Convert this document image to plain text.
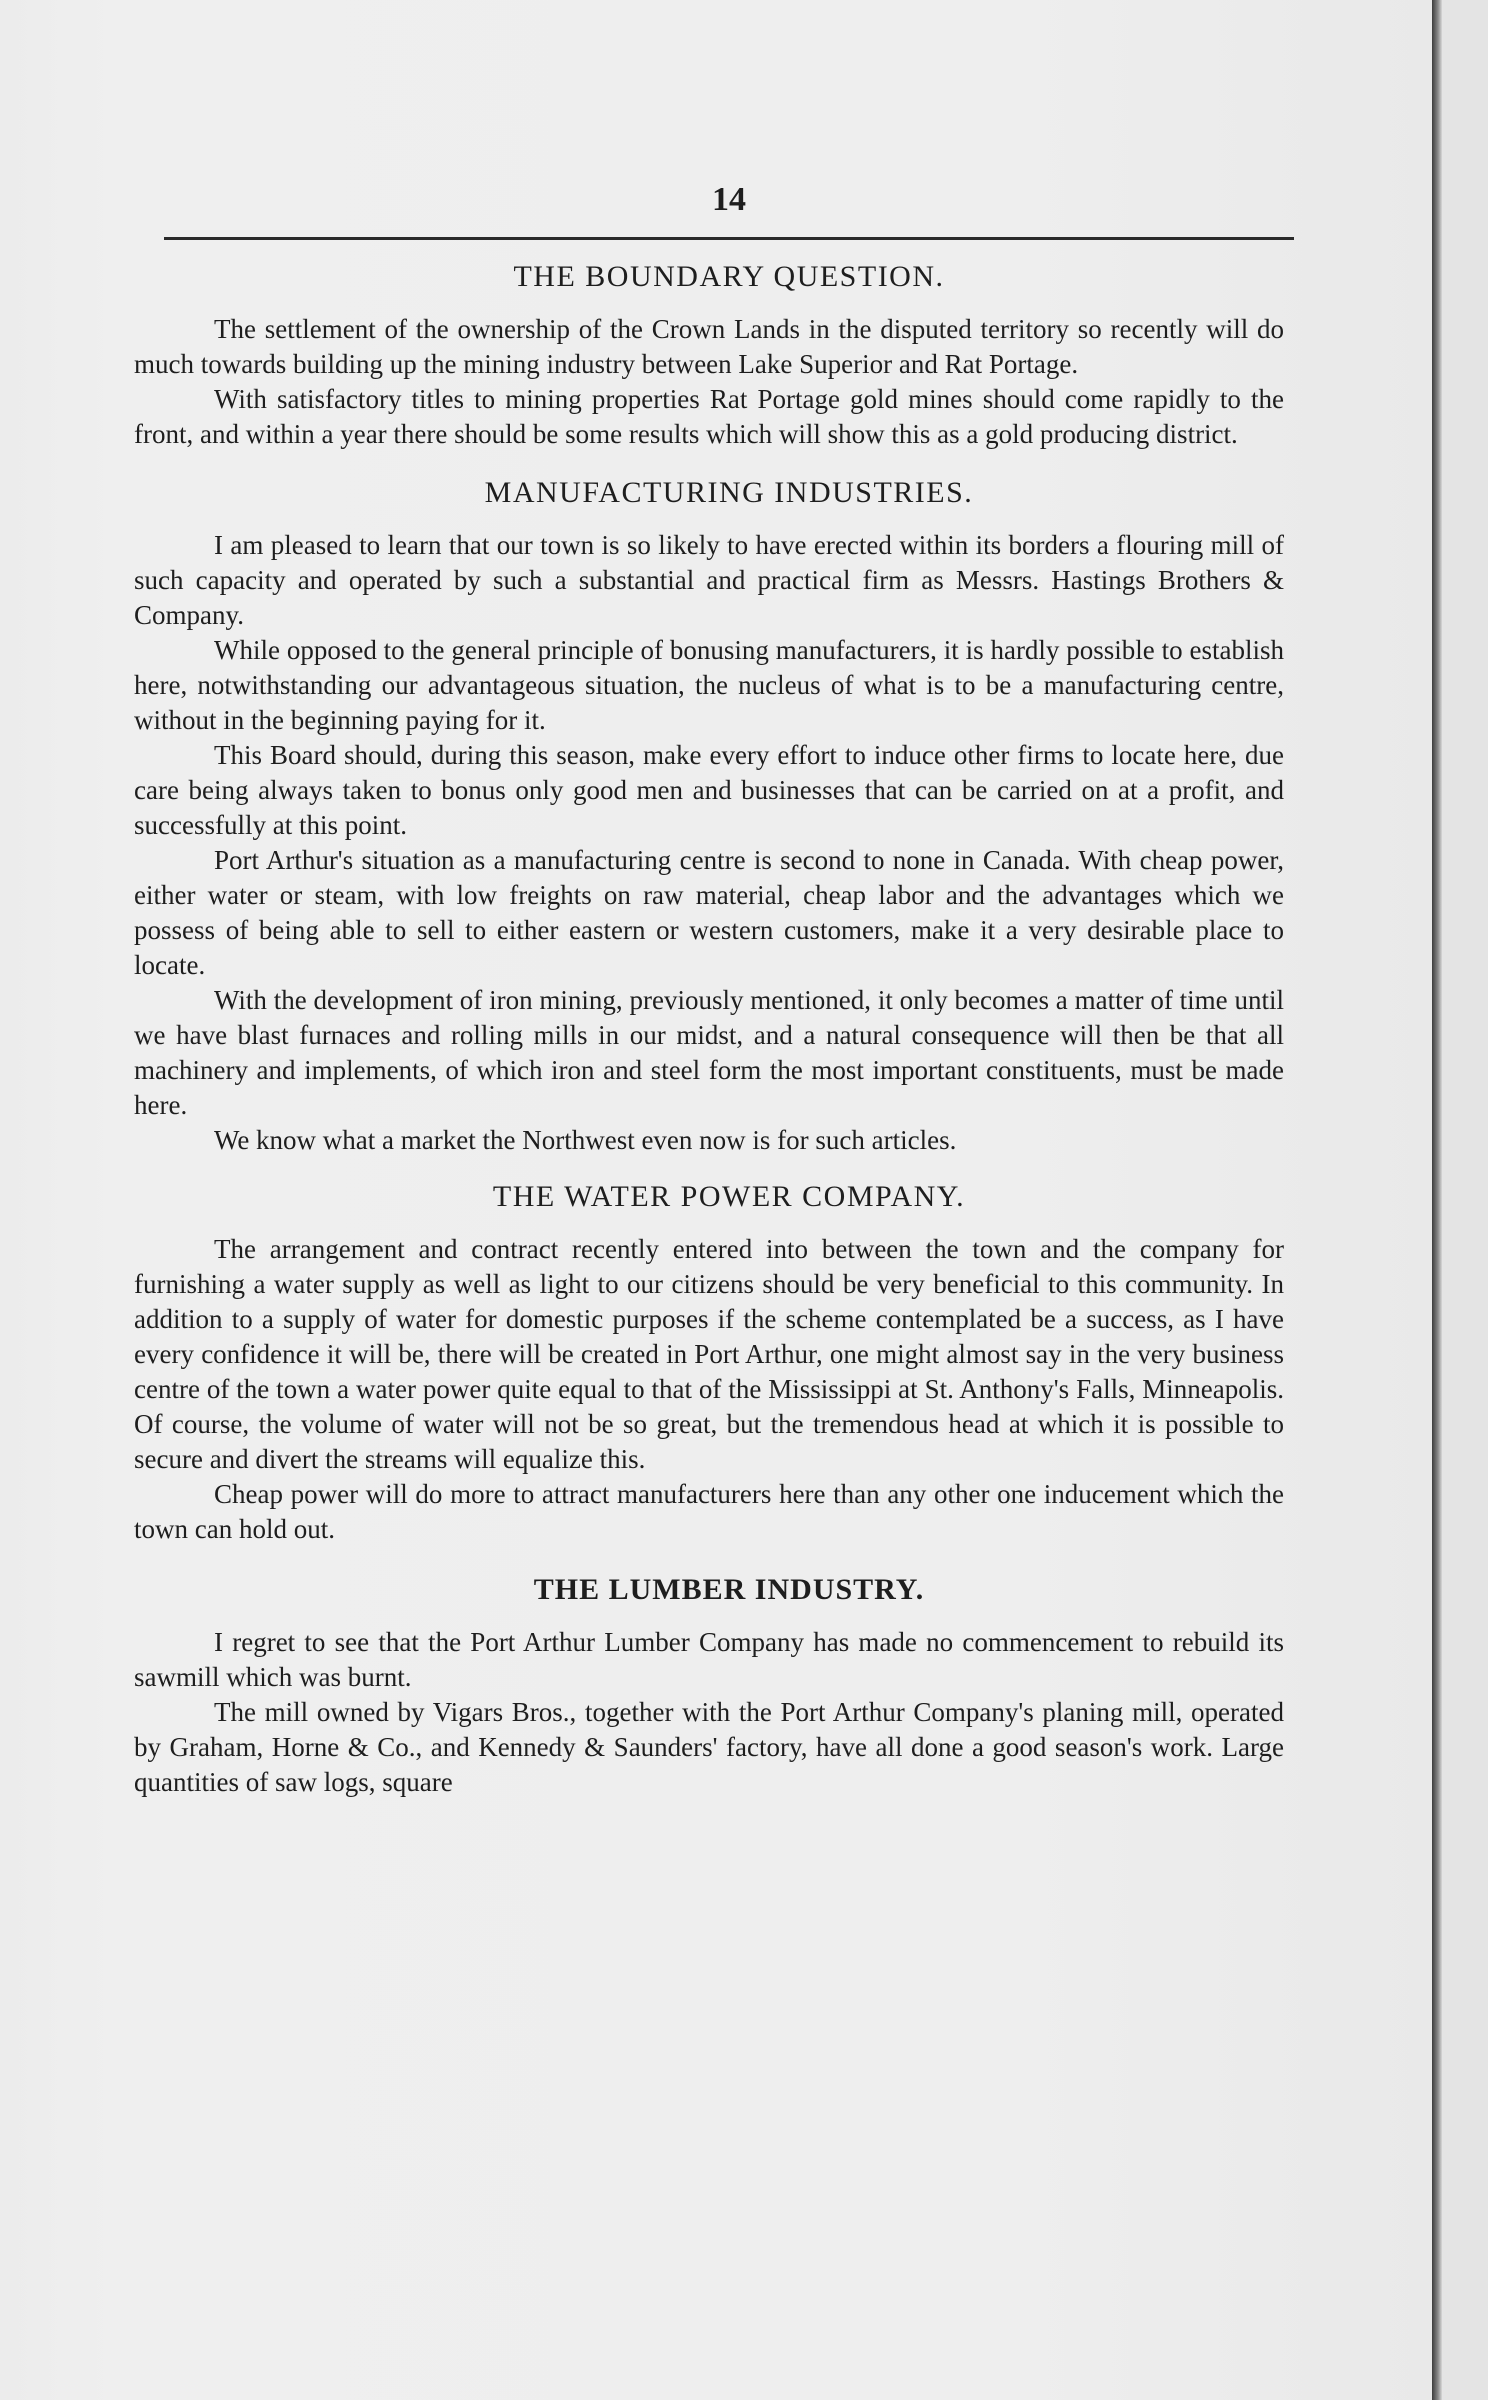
14
THE BOUNDARY QUESTION.

The settlement of the ownership of the Crown Lands in the disputed territory so recently will do much towards building up the mining industry between Lake Superior and Rat Portage.

With satisfactory titles to mining properties Rat Portage gold mines should come rapidly to the front, and within a year there should be some results which will show this as a gold producing district.

MANUFACTURING INDUSTRIES.

I am pleased to learn that our town is so likely to have erected within its borders a flouring mill of such capacity and operated by such a substantial and practical firm as Messrs. Hastings Brothers & Company.

While opposed to the general principle of bonusing manufacturers, it is hardly possible to establish here, notwithstanding our advantageous situation, the nucleus of what is to be a manufacturing centre, without in the beginning paying for it.

This Board should, during this season, make every effort to induce other firms to locate here, due care being always taken to bonus only good men and businesses that can be carried on at a profit, and successfully at this point.

Port Arthur's situation as a manufacturing centre is second to none in Canada. With cheap power, either water or steam, with low freights on raw material, cheap labor and the advantages which we possess of being able to sell to either eastern or western customers, make it a very desirable place to locate.

With the development of iron mining, previously mentioned, it only becomes a matter of time until we have blast furnaces and rolling mills in our midst, and a natural consequence will then be that all machinery and implements, of which iron and steel form the most important constituents, must be made here.

We know what a market the Northwest even now is for such articles.

THE WATER POWER COMPANY.

The arrangement and contract recently entered into between the town and the company for furnishing a water supply as well as light to our citizens should be very beneficial to this community. In addition to a supply of water for domestic purposes if the scheme contemplated be a success, as I have every confidence it will be, there will be created in Port Arthur, one might almost say in the very business centre of the town a water power quite equal to that of the Mississippi at St. Anthony's Falls, Minneapolis. Of course, the volume of water will not be so great, but the tremendous head at which it is possible to secure and divert the streams will equalize this.

Cheap power will do more to attract manufacturers here than any other one inducement which the town can hold out.

THE LUMBER INDUSTRY.

I regret to see that the Port Arthur Lumber Company has made no commencement to rebuild its sawmill which was burnt.

The mill owned by Vigars Bros., together with the Port Arthur Company's planing mill, operated by Graham, Horne & Co., and Kennedy & Saunders' factory, have all done a good season's work. Large quantities of saw logs, square
